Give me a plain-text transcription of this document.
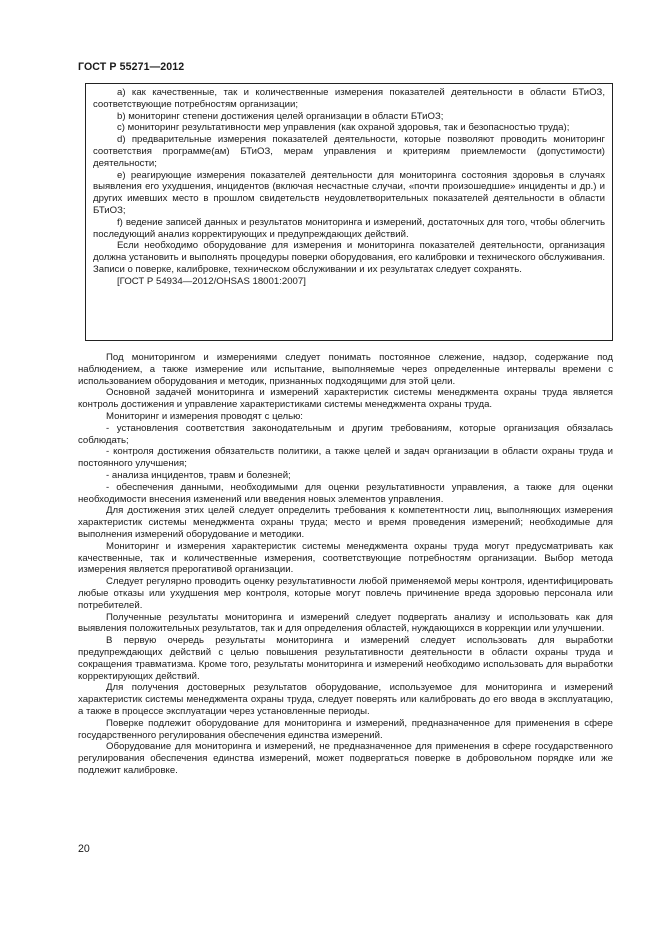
ГОСТ Р 55271—2012

а) как качественные, так и количественные измерения показателей деятельности в области БТиОЗ, соответствующие потребностям организации;

b) мониторинг степени достижения целей организации в области БТиОЗ;

с) мониторинг результативности мер управления (как охраной здоровья, так и безопасностью труда);

d) предварительные измерения показателей деятельности, которые позволяют проводить мониторинг соответствия программе(ам) БТиОЗ, мерам управления и критериям приемлемости (допустимости) деятельности;

е) реагирующие измерения показателей деятельности для мониторинга состояния здоровья в случаях выявления его ухудшения, инцидентов (включая несчастные случаи, «почти произошедшие» инциденты и др.) и других имевших место в прошлом свидетельств неудовлетворительных показателей деятельности в области БТиОЗ;

f) ведение записей данных и результатов мониторинга и измерений, достаточных для того, чтобы облегчить последующий анализ корректирующих и предупреждающих действий.

Если необходимо оборудование для измерения и мониторинга показателей деятельности, организация должна установить и выполнять процедуры поверки оборудования, его калибровки и технического обслуживания. Записи о поверке, калибровке, техническом обслуживании и их результатах следует сохранять.

[ГОСТ Р 54934—2012/OHSAS 18001:2007]

Под мониторингом и измерениями следует понимать постоянное слежение, надзор, содержание под наблюдением, а также измерение или испытание, выполняемые через определенные интервалы времени с использованием оборудования и методик, признанных подходящими для этой цели.

Основной задачей мониторинга и измерений характеристик системы менеджмента охраны труда является контроль достижения и управление характеристиками системы менеджмента охраны труда.

Мониторинг и измерения проводят с целью:

- установления соответствия законодательным и другим требованиям, которые организация обязалась соблюдать;

- контроля достижения обязательств политики, а также целей и задач организации в области охраны труда и постоянного улучшения;

- анализа инцидентов, травм и болезней;

- обеспечения данными, необходимыми для оценки результативности управления, а также для оценки необходимости внесения изменений или введения новых элементов управления.

Для достижения этих целей следует определить требования к компетентности лиц, выполняющих измерения характеристик системы менеджмента охраны труда; место и время проведения измерений; необходимые для выполнения измерений оборудование и методики.

Мониторинг и измерения характеристик системы менеджмента охраны труда могут предусматривать как качественные, так и количественные измерения, соответствующие потребностям организации. Выбор метода измерения является прерогативой организации.

Следует регулярно проводить оценку результативности любой применяемой меры контроля, идентифицировать любые отказы или ухудшения мер контроля, которые могут повлечь причинение вреда здоровью персонала или потребителей.

Полученные результаты мониторинга и измерений следует подвергать анализу и использовать как для выявления положительных результатов, так и для определения областей, нуждающихся в коррекции или улучшении.

В первую очередь результаты мониторинга и измерений следует использовать для выработки предупреждающих действий с целью повышения результативности деятельности в области охраны труда и сокращения травматизма. Кроме того, результаты мониторинга и измерений необходимо использовать для выработки корректирующих действий.

Для получения достоверных результатов оборудование, используемое для мониторинга и измерений характеристик системы менеджмента охраны труда, следует поверять или калибровать до его ввода в эксплуатацию, а также в процессе эксплуатации через установленные периоды.

Поверке подлежит оборудование для мониторинга и измерений, предназначенное для применения в сфере государственного регулирования обеспечения единства измерений.

Оборудование для мониторинга и измерений, не предназначенное для применения в сфере государственного регулирования обеспечения единства измерений, может подвергаться поверке в добровольном порядке или же подлежит калибровке.

20
